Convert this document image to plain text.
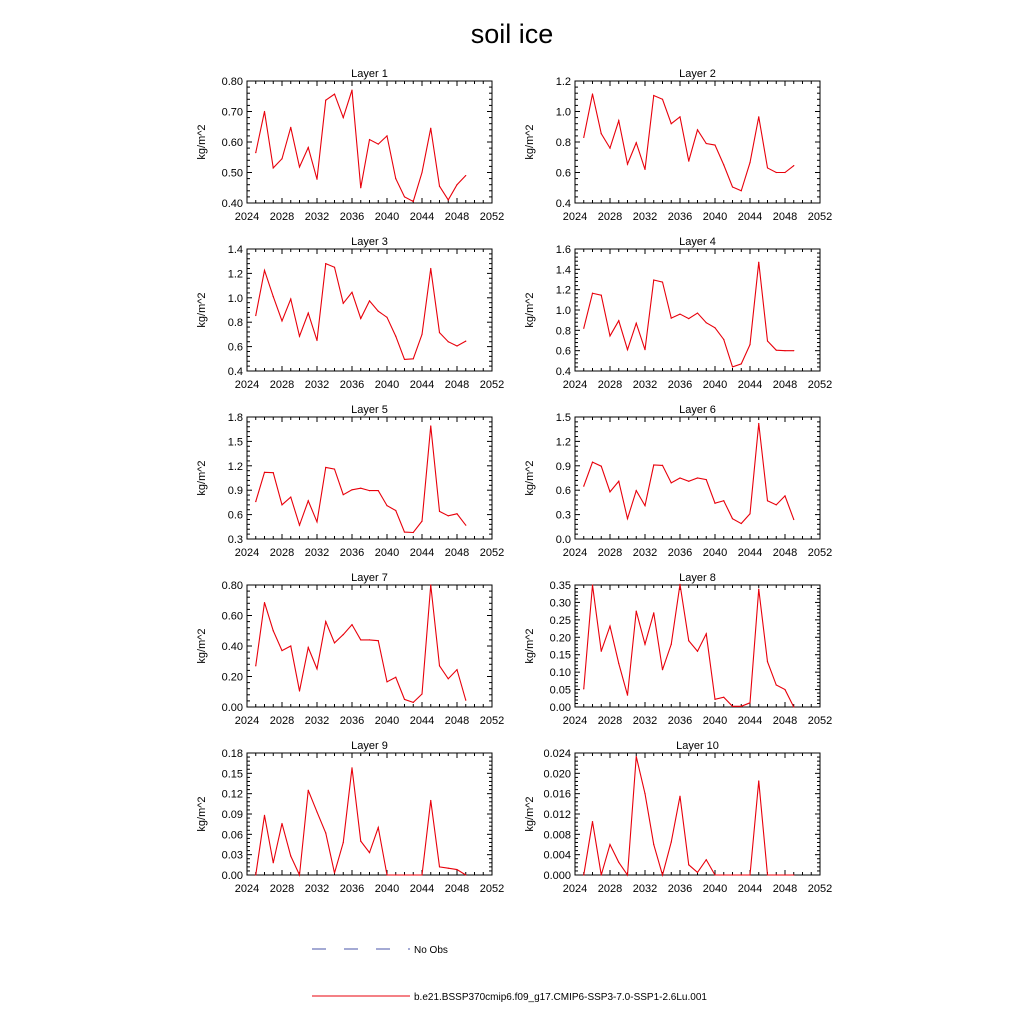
soil ice
Layer 1
kg/m^2
2024 2028 2032 2036 2040 2044 2048 2052
0.40
0.50
0.60
0.70
0.80
Layer 2
kg/m^2
2024 2028 2032 2036 2040 2044 2048 2052
0.4
0.6
0.8
1.0
1.2
Layer 3
kg/m^2
2024 2028 2032 2036 2040 2044 2048 2052
0.4
0.6
0.8
1.0
1.2
1.4
Layer 4
kg/m^2
2024 2028 2032 2036 2040 2044 2048 2052
0.4
0.6
0.8
1.0
1.2
1.4
1.6
Layer 5
kg/m^2
2024 2028 2032 2036 2040 2044 2048 2052
0.3
0.6
0.9
1.2
1.5
1.8
Layer 6
kg/m^2
2024 2028 2032 2036 2040 2044 2048 2052
0.0
0.3
0.6
0.9
1.2
1.5
Layer 7
kg/m^2
2024 2028 2032 2036 2040 2044 2048 2052
0.00
0.20
0.40
0.60
0.80
Layer 8
kg/m^2
2024 2028 2032 2036 2040 2044 2048 2052
0.00
0.05
0.10
0.15
0.20
0.25
0.30
0.35
Layer 9
kg/m^2
2024 2028 2032 2036 2040 2044 2048 2052
0.00
0.03
0.06
0.09
0.12
0.15
0.18
Layer 10
kg/m^2
2024 2028 2032 2036 2040 2044 2048 2052
0.000
0.004
0.008
0.012
0.016
0.020
0.024
No Obs
b.e21.BSSP370cmip6.f09_g17.CMIP6-SSP3-7.0-SSP1-2.6Lu.001
